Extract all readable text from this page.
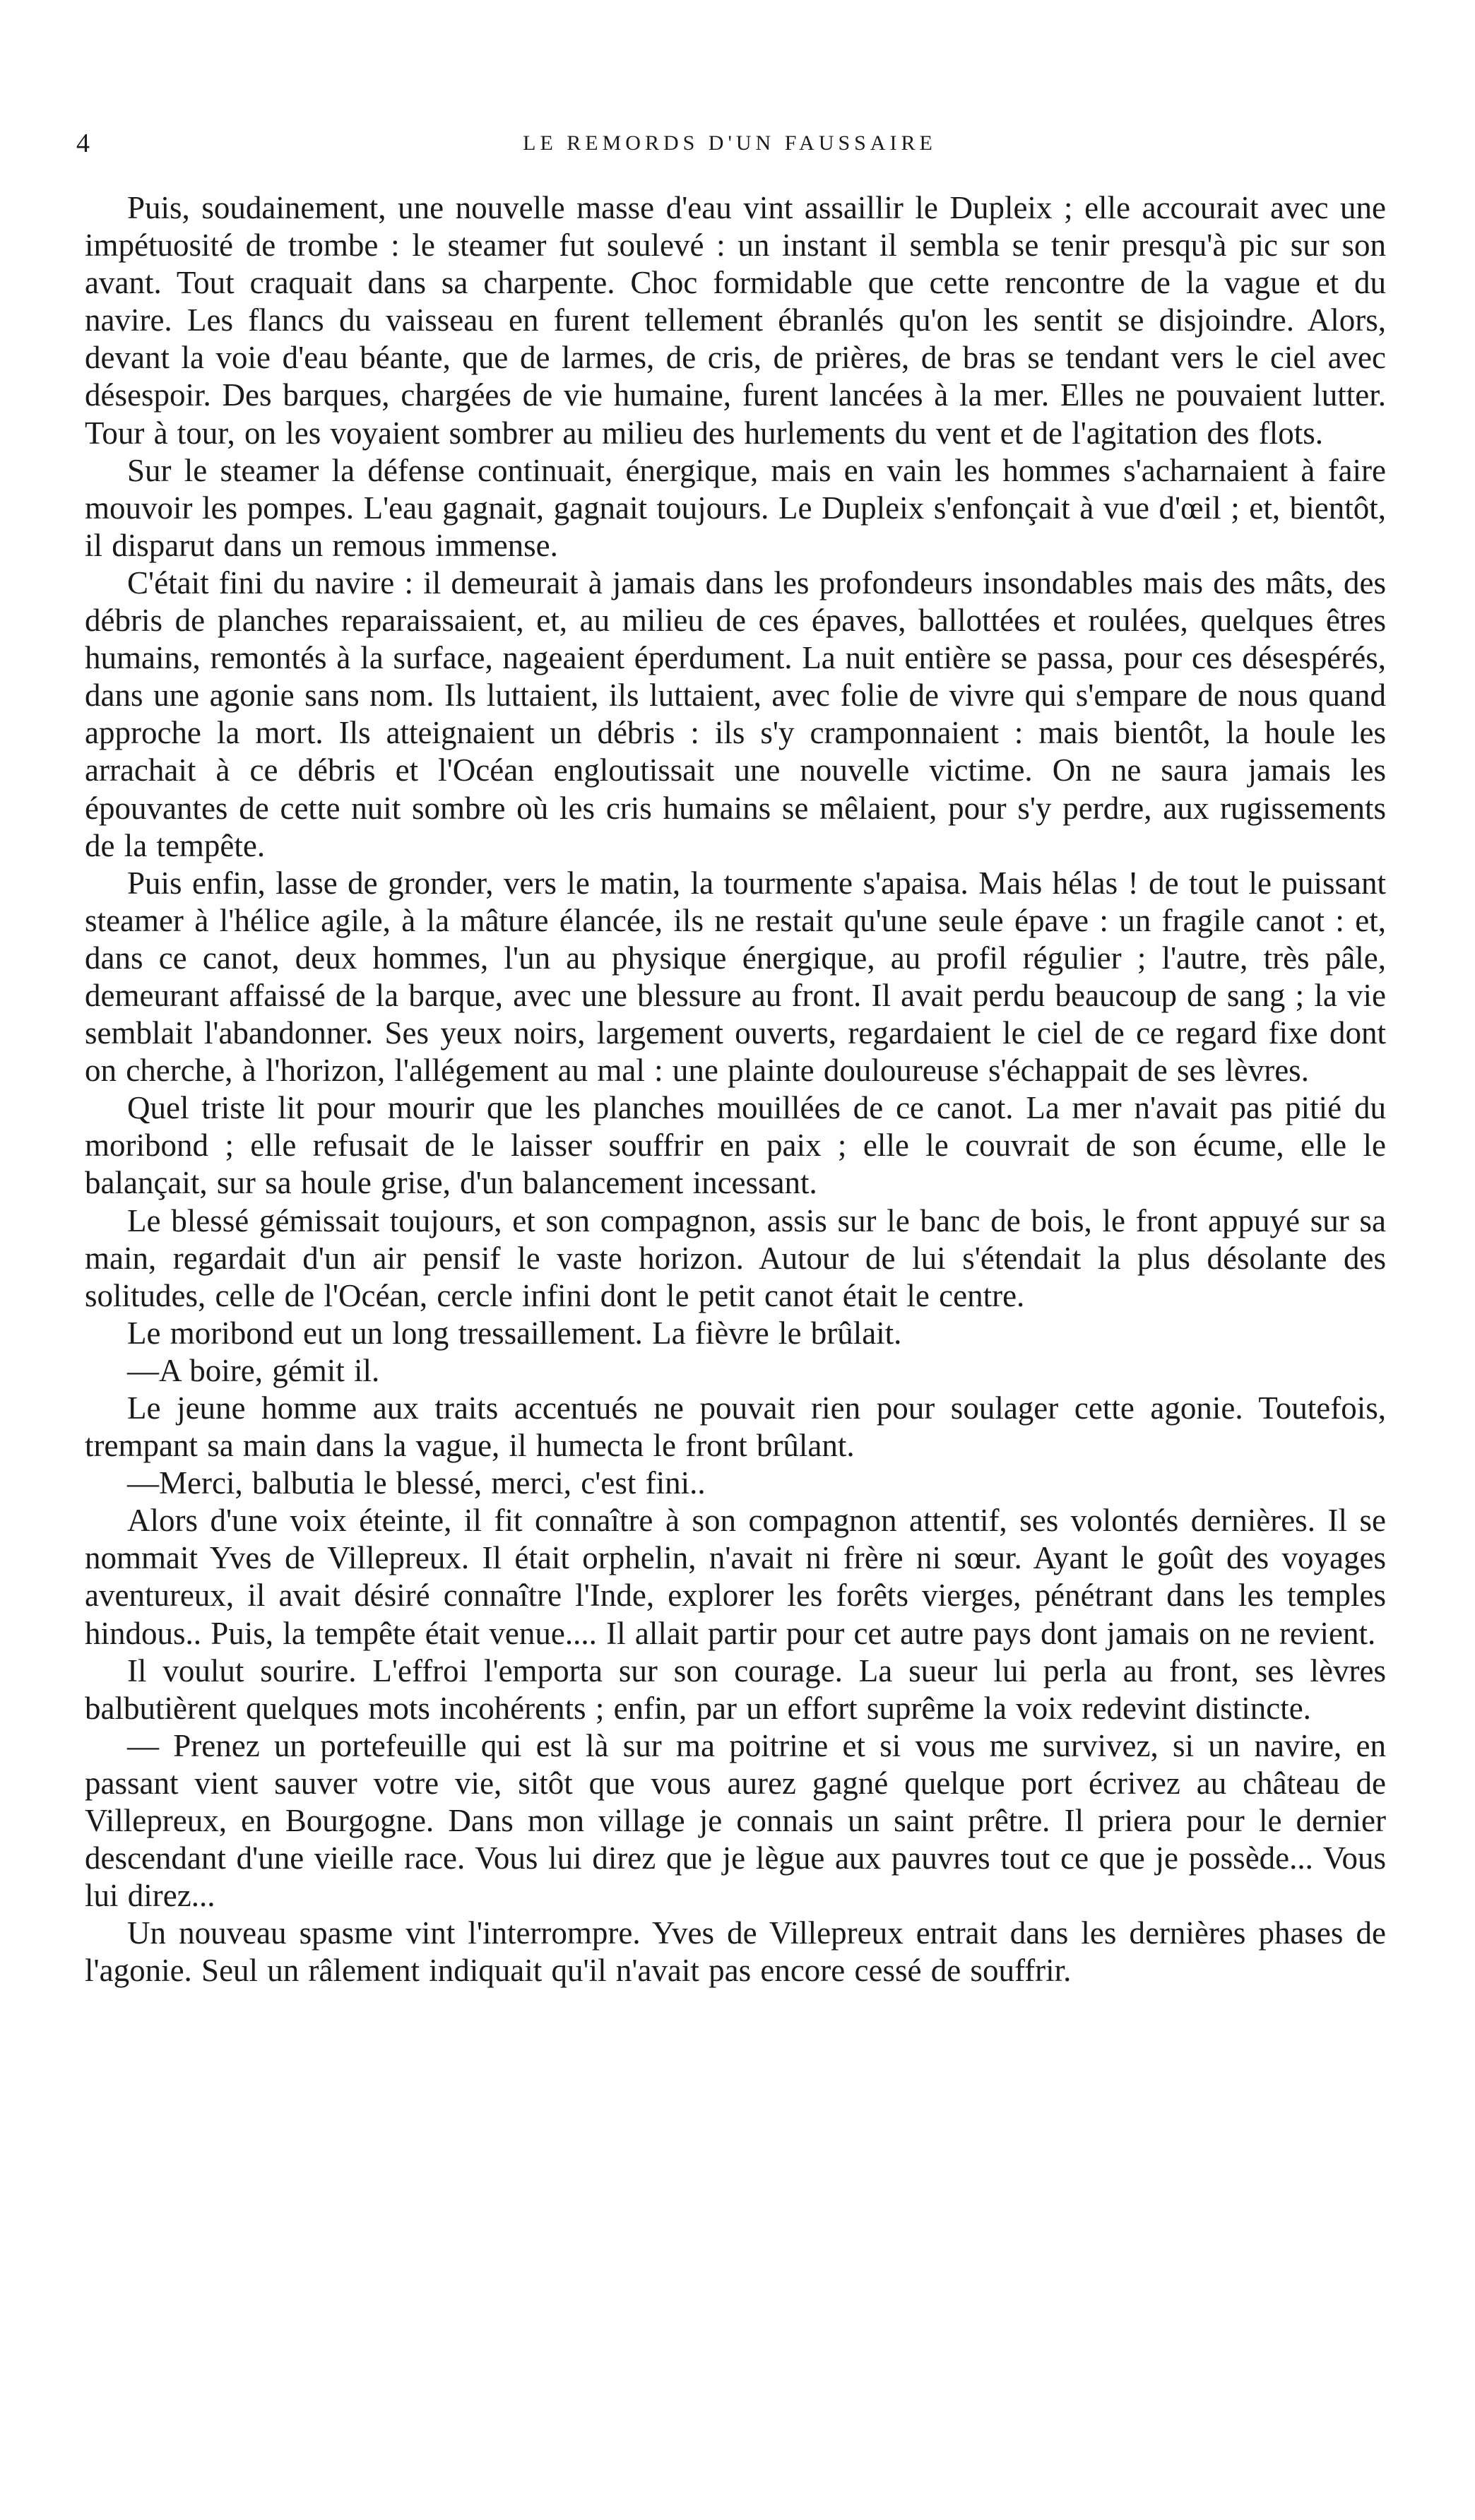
4	LE REMORDS D'UN FAUSSAIRE

Puis, soudainement, une nouvelle masse d'eau vint assaillir le Dupleix ; elle accourait avec une impétuosité de trombe : le steamer fut soulevé : un instant il sembla se tenir presqu'à pic sur son avant. Tout craquait dans sa charpente. Choc formidable que cette rencontre de la vague et du navire. Les flancs du vaisseau en furent tellement ébranlés qu'on les sentit se disjoindre. Alors, devant la voie d'eau béante, que de larmes, de cris, de prières, de bras se tendant vers le ciel avec désespoir. Des barques, chargées de vie humaine, furent lancées à la mer. Elles ne pouvaient lutter. Tour à tour, on les voyaient sombrer au milieu des hurlements du vent et de l'agitation des flots.

Sur le steamer la défense continuait, énergique, mais en vain les hommes s'acharnaient à faire mouvoir les pompes. L'eau gagnait, gagnait toujours. Le Dupleix s'enfonçait à vue d'œil ; et, bientôt, il disparut dans un remous immense.

C'était fini du navire : il demeurait à jamais dans les profondeurs insondables mais des mâts, des débris de planches reparaissaient, et, au milieu de ces épaves, ballottées et roulées, quelques êtres humains, remontés à la surface, nageaient éperdument. La nuit entière se passa, pour ces désespérés, dans une agonie sans nom. Ils luttaient, ils luttaient, avec folie de vivre qui s'empare de nous quand approche la mort. Ils atteignaient un débris : ils s'y cramponnaient : mais bientôt, la houle les arrachait à ce débris et l'Océan engloutissait une nouvelle victime. On ne saura jamais les épouvantes de cette nuit sombre où les cris humains se mêlaient, pour s'y perdre, aux rugissements de la tempête.

Puis enfin, lasse de gronder, vers le matin, la tourmente s'apaisa. Mais hélas ! de tout le puissant steamer à l'hélice agile, à la mâture élancée, ils ne restait qu'une seule épave : un fragile canot : et, dans ce canot, deux hommes, l'un au physique énergique, au profil régulier ; l'autre, très pâle, demeurant affaissé de la barque, avec une blessure au front. Il avait perdu beaucoup de sang ; la vie semblait l'abandonner. Ses yeux noirs, largement ouverts, regardaient le ciel de ce regard fixe dont on cherche, à l'horizon, l'allégement au mal : une plainte douloureuse s'échappait de ses lèvres.

Quel triste lit pour mourir que les planches mouillées de ce canot. La mer n'avait pas pitié du moribond ; elle refusait de le laisser souffrir en paix ; elle le couvrait de son écume, elle le balançait, sur sa houle grise, d'un balancement incessant.

Le blessé gémissait toujours, et son compagnon, assis sur le banc de bois, le front appuyé sur sa main, regardait d'un air pensif le vaste horizon. Autour de lui s'étendait la plus désolante des solitudes, celle de l'Océan, cercle infini dont le petit canot était le centre.

Le moribond eut un long tressaillement. La fièvre le brûlait.

—A boire, gémit il.

Le jeune homme aux traits accentués ne pouvait rien pour soulager cette agonie. Toutefois, trempant sa main dans la vague, il humecta le front brûlant.

—Merci, balbutia le blessé, merci, c'est fini..

Alors d'une voix éteinte, il fit connaître à son compagnon attentif, ses volontés dernières. Il se nommait Yves de Villepreux. Il était orphelin, n'avait ni frère ni sœur. Ayant le goût des voyages aventureux, il avait désiré connaître l'Inde, explorer les forêts vierges, pénétrant dans les temples hindous.. Puis, la tempête était venue.... Il allait partir pour cet autre pays dont jamais on ne revient.

Il voulut sourire. L'effroi l'emporta sur son courage. La sueur lui perla au front, ses lèvres balbutièrent quelques mots incohérents ; enfin, par un effort suprême la voix redevint distincte.

— Prenez un portefeuille qui est là sur ma poitrine et si vous me survivez, si un navire, en passant vient sauver votre vie, sitôt que vous aurez gagné quelque port écrivez au château de Villepreux, en Bourgogne. Dans mon village je connais un saint prêtre. Il priera pour le dernier descendant d'une vieille race. Vous lui direz que je lègue aux pauvres tout ce que je possède... Vous lui direz...

Un nouveau spasme vint l'interrompre. Yves de Villepreux entrait dans les dernières phases de l'agonie. Seul un râlement indiquait qu'il n'avait pas encore cessé de souffrir.
